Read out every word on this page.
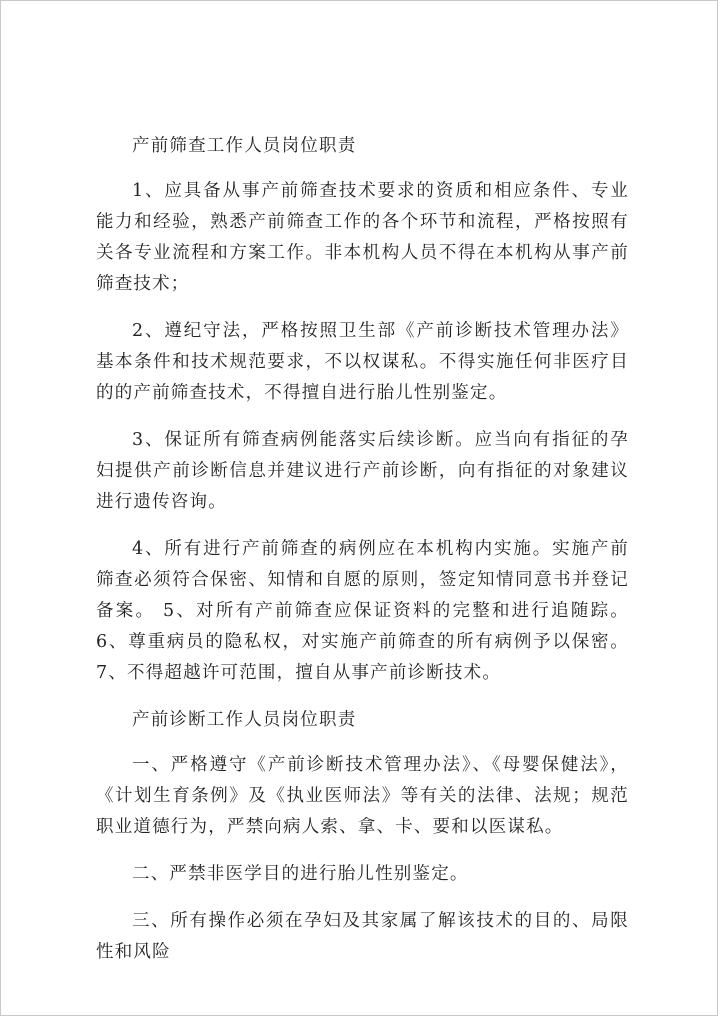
产前筛查工作人员岗位职责

1、应具备从事产前筛查技术要求的资质和相应条件、专业能力和经验，熟悉产前筛查工作的各个环节和流程，严格按照有关各专业流程和方案工作。非本机构人员不得在本机构从事产前筛查技术；

2、遵纪守法，严格按照卫生部《产前诊断技术管理办法》基本条件和技术规范要求，不以权谋私。不得实施任何非医疗目的的产前筛查技术，不得擅自进行胎儿性别鉴定。

3、保证所有筛查病例能落实后续诊断。应当向有指征的孕妇提供产前诊断信息并建议进行产前诊断，向有指征的对象建议进行遗传咨询。

4、所有进行产前筛查的病例应在本机构内实施。实施产前筛查必须符合保密、知情和自愿的原则，签定知情同意书并登记备案。 5、对所有产前筛查应保证资料的完整和进行追随踪。 6、尊重病员的隐私权，对实施产前筛查的所有病例予以保密。 7、不得超越许可范围，擅自从事产前诊断技术。

产前诊断工作人员岗位职责

一、严格遵守《产前诊断技术管理办法》、《母婴保健法》，《计划生育条例》及《执业医师法》等有关的法律、法规；规范职业道德行为，严禁向病人索、拿、卡、要和以医谋私。

二、严禁非医学目的进行胎儿性别鉴定。

三、所有操作必须在孕妇及其家属了解该技术的目的、局限性和风险
